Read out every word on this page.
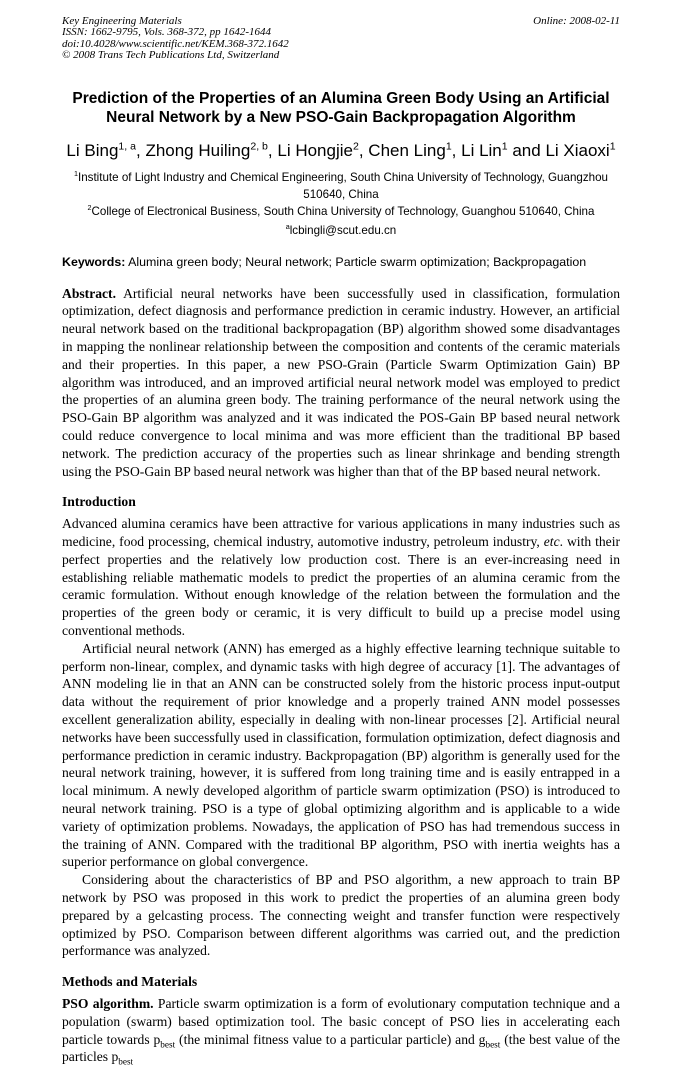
Key Engineering Materials
ISSN: 1662-9795, Vols. 368-372, pp 1642-1644
doi:10.4028/www.scientific.net/KEM.368-372.1642
© 2008 Trans Tech Publications Ltd, Switzerland
Online: 2008-02-11
Prediction of the Properties of an Alumina Green Body Using an Artificial Neural Network by a New PSO-Gain Backpropagation Algorithm
Li Bing$^{1, a}$, Zhong Huiling$^{2, b}$, Li Hongjie$^2$, Chen Ling$^1$, Li Lin$^1$ and Li Xiaoxi$^1$
$^1$Institute of Light Industry and Chemical Engineering, South China University of Technology, Guangzhou 510640, China
$^2$College of Electronical Business, South China University of Technology, Guanghou 510640, China
$^a$lcbingli@scut.edu.cn
Keywords: Alumina green body; Neural network; Particle swarm optimization; Backpropagation

Abstract. Artificial neural networks have been successfully used in classification, formulation optimization, defect diagnosis and performance prediction in ceramic industry. However, an artificial neural network based on the traditional backpropagation (BP) algorithm showed some disadvantages in mapping the nonlinear relationship between the composition and contents of the ceramic materials and their properties. In this paper, a new PSO-Grain (Particle Swarm Optimization Gain) BP algorithm was introduced, and an improved artificial neural network model was employed to predict the properties of an alumina green body. The training performance of the neural network using the PSO-Gain BP algorithm was analyzed and it was indicated the POS-Gain BP based neural network could reduce convergence to local minima and was more efficient than the traditional BP based network. The prediction accuracy of the properties such as linear shrinkage and bending strength using the PSO-Gain BP based neural network was higher than that of the BP based neural network.

Introduction

Advanced alumina ceramics have been attractive for various applications in many industries such as medicine, food processing, chemical industry, automotive industry, petroleum industry, etc. with their perfect properties and the relatively low production cost. There is an ever-increasing need in establishing reliable mathematic models to predict the properties of an alumina ceramic from the ceramic formulation. Without enough knowledge of the relation between the formulation and the properties of the green body or ceramic, it is very difficult to build up a precise model using conventional methods.

Artificial neural network (ANN) has emerged as a highly effective learning technique suitable to perform non-linear, complex, and dynamic tasks with high degree of accuracy [1]. The advantages of ANN modeling lie in that an ANN can be constructed solely from the historic process input-output data without the requirement of prior knowledge and a properly trained ANN model possesses excellent generalization ability, especially in dealing with non-linear processes [2]. Artificial neural networks have been successfully used in classification, formulation optimization, defect diagnosis and performance prediction in ceramic industry. Backpropagation (BP) algorithm is generally used for the neural network training, however, it is suffered from long training time and is easily entrapped in a local minimum. A newly developed algorithm of particle swarm optimization (PSO) is introduced to neural network training. PSO is a type of global optimizing algorithm and is applicable to a wide variety of optimization problems. Nowadays, the application of PSO has had tremendous success in the training of ANN. Compared with the traditional BP algorithm, PSO with inertia weights has a superior performance on global convergence.

Considering about the characteristics of BP and PSO algorithm, a new approach to train BP network by PSO was proposed in this work to predict the properties of an alumina green body prepared by a gelcasting process. The connecting weight and transfer function were respectively optimized by PSO. Comparison between different algorithms was carried out, and the prediction performance was analyzed.

Methods and Materials

PSO algorithm. Particle swarm optimization is a form of evolutionary computation technique and a population (swarm) based optimization tool. The basic concept of PSO lies in accelerating each particle towards $p_{best}$ (the minimal fitness value to a particular particle) and $g_{best}$ (the best value of the particles $p_{best}$
